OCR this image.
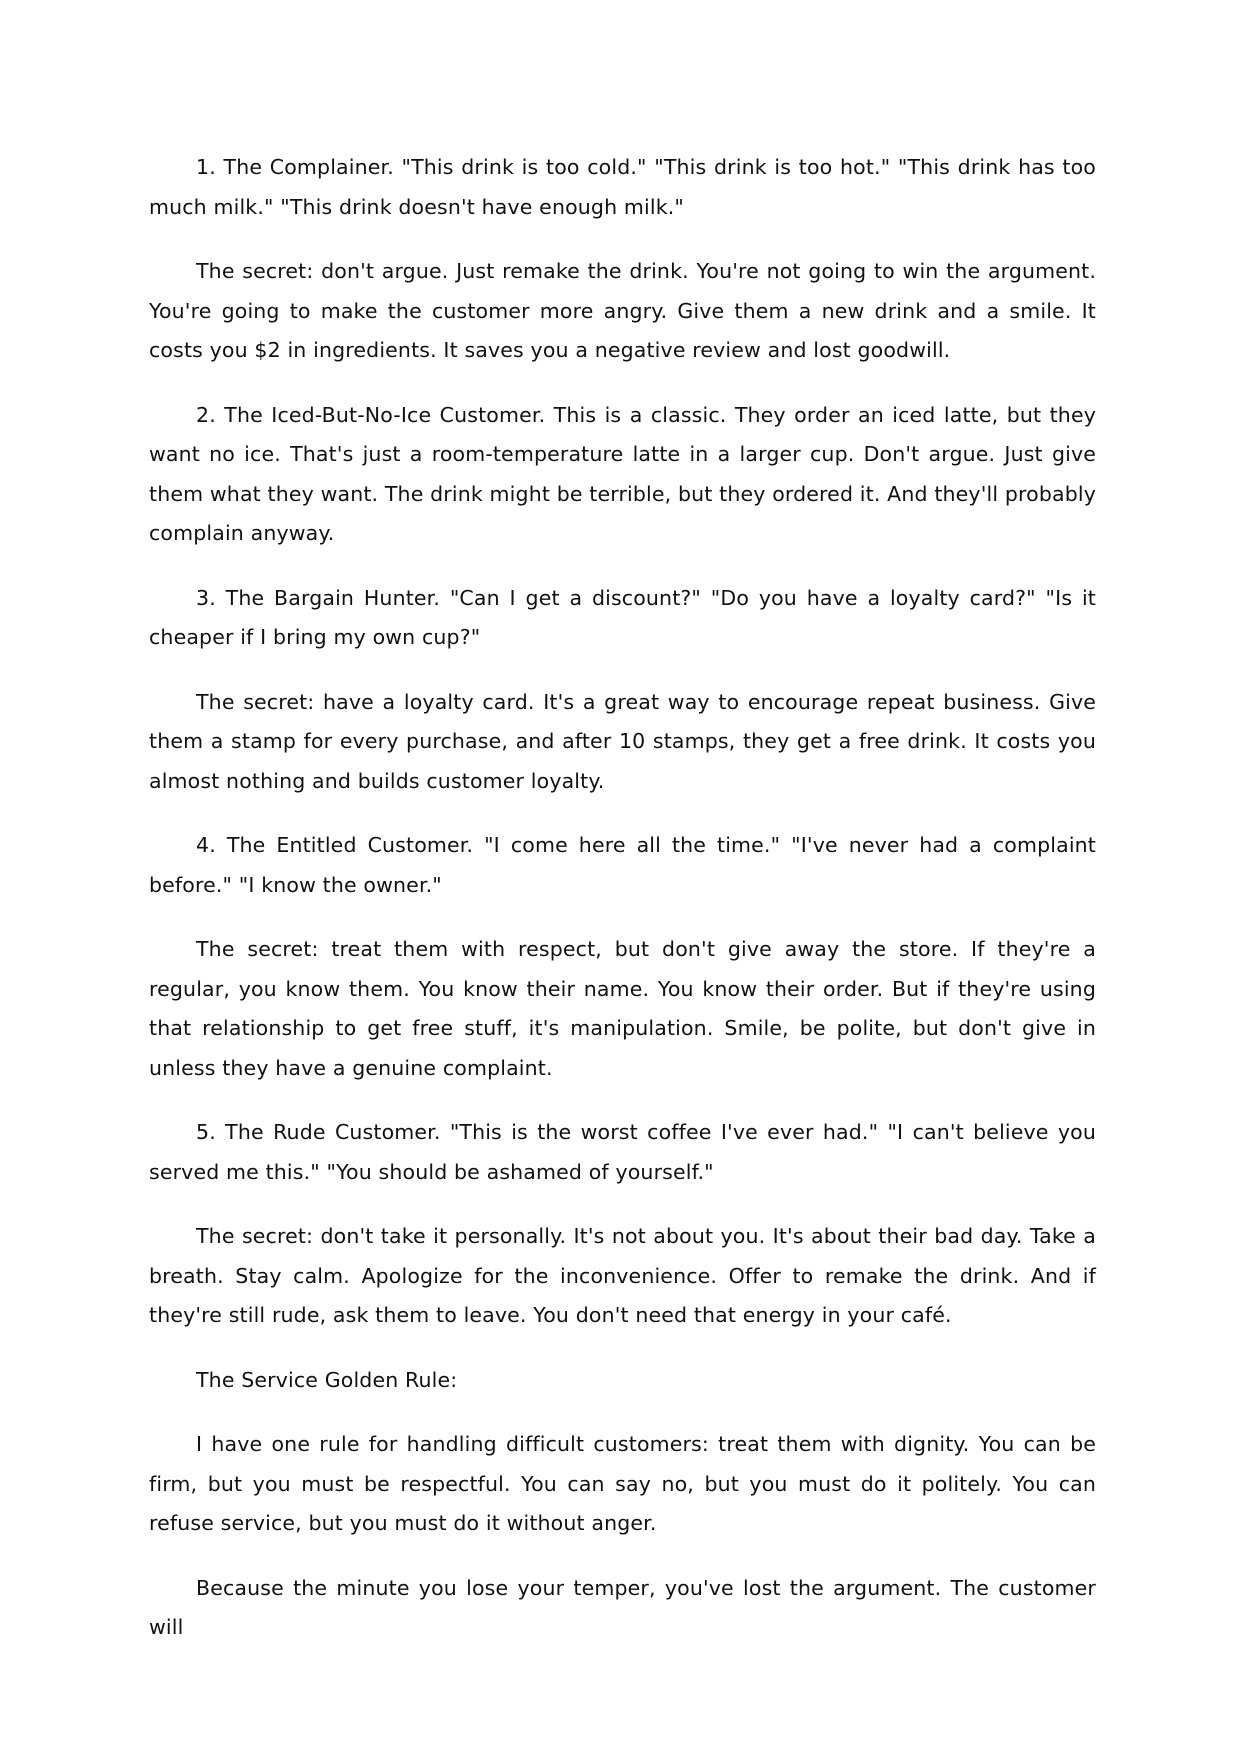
1. The Complainer. "This drink is too cold." "This drink is too hot." "This drink has too much milk." "This drink doesn't have enough milk."

The secret: don't argue. Just remake the drink. You're not going to win the argument. You're going to make the customer more angry. Give them a new drink and a smile. It costs you $2 in ingredients. It saves you a negative review and lost goodwill.

2. The Iced-But-No-Ice Customer. This is a classic. They order an iced latte, but they want no ice. That's just a room-temperature latte in a larger cup. Don't argue. Just give them what they want. The drink might be terrible, but they ordered it. And they'll probably complain anyway.

3. The Bargain Hunter. "Can I get a discount?" "Do you have a loyalty card?" "Is it cheaper if I bring my own cup?"

The secret: have a loyalty card. It's a great way to encourage repeat business. Give them a stamp for every purchase, and after 10 stamps, they get a free drink. It costs you almost nothing and builds customer loyalty.

4. The Entitled Customer. "I come here all the time." "I've never had a complaint before." "I know the owner."

The secret: treat them with respect, but don't give away the store. If they're a regular, you know them. You know their name. You know their order. But if they're using that relationship to get free stuff, it's manipulation. Smile, be polite, but don't give in unless they have a genuine complaint.

5. The Rude Customer. "This is the worst coffee I've ever had." "I can't believe you served me this." "You should be ashamed of yourself."

The secret: don't take it personally. It's not about you. It's about their bad day. Take a breath. Stay calm. Apologize for the inconvenience. Offer to remake the drink. And if they're still rude, ask them to leave. You don't need that energy in your café.

The Service Golden Rule:

I have one rule for handling difficult customers: treat them with dignity. You can be firm, but you must be respectful. You can say no, but you must do it politely. You can refuse service, but you must do it without anger.

Because the minute you lose your temper, you've lost the argument. The customer will
